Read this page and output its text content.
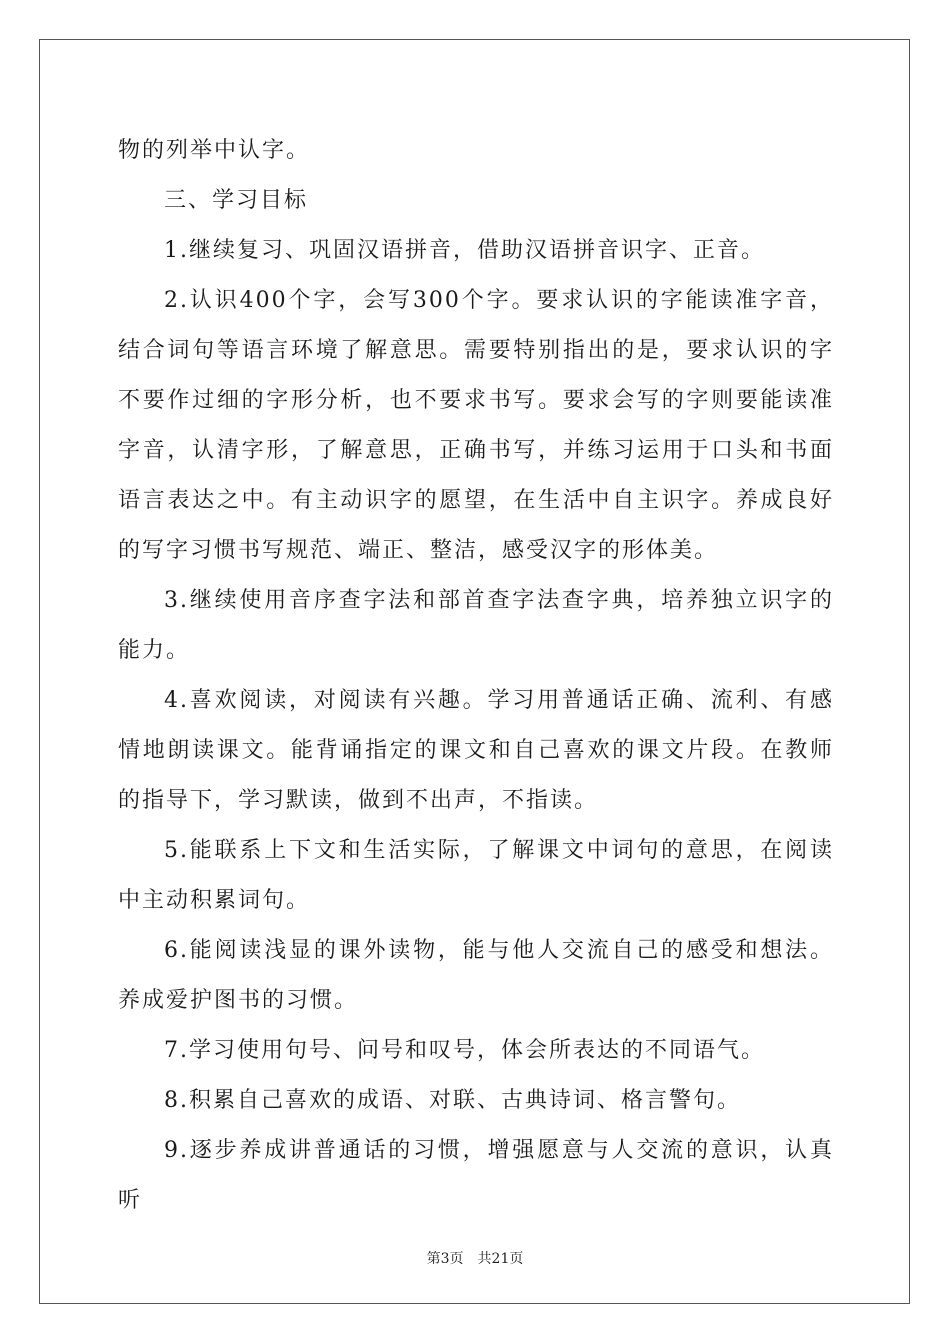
物的列举中认字。

三、学习目标

1.继续复习、巩固汉语拼音，借助汉语拼音识字、正音。

2.认识400个字，会写300个字。要求认识的字能读准字音，结合词句等语言环境了解意思。需要特别指出的是，要求认识的字不要作过细的字形分析，也不要求书写。要求会写的字则要能读准字音，认清字形，了解意思，正确书写，并练习运用于口头和书面语言表达之中。有主动识字的愿望，在生活中自主识字。养成良好的写字习惯书写规范、端正、整洁，感受汉字的形体美。

3.继续使用音序查字法和部首查字法查字典，培养独立识字的能力。

4.喜欢阅读，对阅读有兴趣。学习用普通话正确、流利、有感情地朗读课文。能背诵指定的课文和自己喜欢的课文片段。在教师的指导下，学习默读，做到不出声，不指读。

5.能联系上下文和生活实际，了解课文中词句的意思，在阅读中主动积累词句。

6.能阅读浅显的课外读物，能与他人交流自己的感受和想法。养成爱护图书的习惯。

7.学习使用句号、问号和叹号，体会所表达的不同语气。

8.积累自己喜欢的成语、对联、古典诗词、格言警句。

9.逐步养成讲普通话的习惯，增强愿意与人交流的意识，认真听

第3页 共21页
